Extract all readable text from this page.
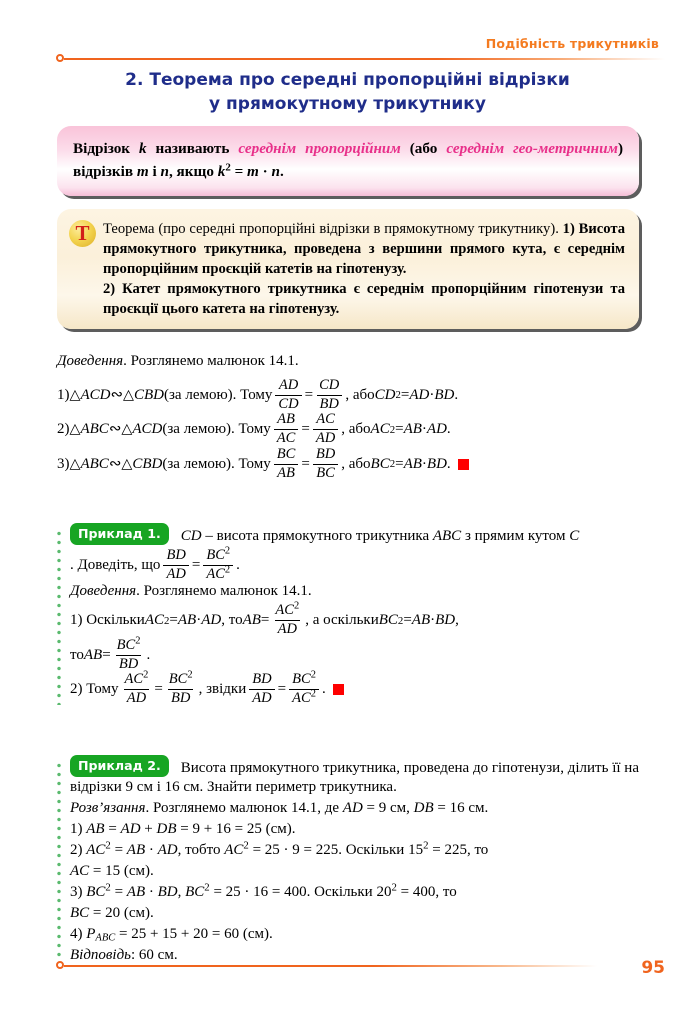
Подібність трикутників
2. Теорема про середні пропорційні відрізки
у прямокутному трикутнику
Відрізок k називають середнім пропорційним (або середнім гео-метричним) відрізків m і n, якщо $k^2 = m \cdot n$.
Т Теорема (про середні пропорційні відрізки в прямокутному трикутнику). 1) Висота прямокутного трикутника, проведена з вершини прямого кута, є середнім пропорційним проєкцій катетів на гіпотенузу.
2) Катет прямокутного трикутника є середнім пропорційним гіпотенузи та проєкції цього катета на гіпотенузу.
Доведення. Розглянемо малюнок 14.1.
1) △ ACD ∾ △ CBD (за лемою). Тому $\frac{AD}{CD} = \frac{CD}{BD}$ , або CD 2 = AD · BD .
2) △ ABC ∾ △ ACD (за лемою). Тому $\frac{AB}{AC} = \frac{AC}{AD}$ , або AC 2 = AB · AD .
3) △ ABC ∾ △ CBD (за лемою). Тому $\frac{BC}{AB} = \frac{BD}{BC}$ , або BC 2 = AB · BD .
Приклад 1. CD – висота прямокутного трикутника ABC з прямим кутом C
. Доведіть, що $\frac{BD}{AD} = \frac{BC^2}{AC^2}$ .
Доведення. Розглянемо малюнок 14.1.
1) Оскільки AC 2 = AB · AD , то AB = $\frac{AC^2}{AD}$ , а оскільки BC 2 = AB · BD ,
то AB = $\frac{BC^2}{BD}$ .
2) Тому $\frac{AC^2}{AD} = \frac{BC^2}{BD}$ , звідки $\frac{BD}{AD} = \frac{BC^2}{AC^2}$ .
Приклад 2. Висота прямокутного трикутника, проведена до гіпотенузи, ділить її на відрізки 9 см і 16 см. Знайти периметр трикутника.
Розв’язання. Розглянемо малюнок 14.1, де AD = 9 см, DB = 16 см.
1) AB = AD + DB = 9 + 16 = 25 (см).
2) $AC^2$ = AB · AD, тобто $AC^2 = 25 \cdot 9 = 225$. Оскільки $15^2 = 225$, то
AC = 15 (см).
3) $BC^2$ = AB · BD, $BC^2 = 25 \cdot 16 = 400$. Оскільки $20^2 = 400$, то
BC = 20 (см).
4) $P_{ABC} = 25 + 15 + 20 = 60$ (см).
Відповідь: 60 см.
95
